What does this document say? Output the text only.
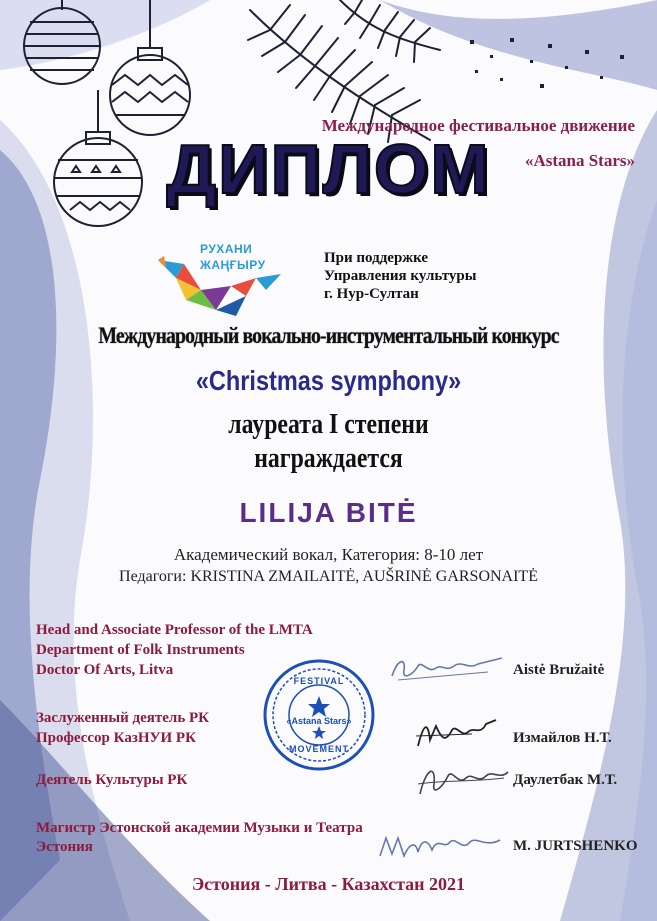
Международное фестивальное движение

«Astana Stars»

ДИПЛОМ
РУХАНИ
ЖАҢҒЫРУ	При поддержке

Управления культуры

г. Нур-Султан

Международный вокально-инструментальный конкурс

«Christmas symphony»

лауреата I степени

награждается

LILIJA BITĖ

Академический вокал, Категория: 8-10 лет

Педагоги: KRISTINA ZMAILAITĖ, AUŠRINĖ GARSONAITĖ

Head and Associate Professor of the LMTA

Department of Folk Instruments

Doctor Of Arts, Litva	Aistė Bružaitė

Заслуженный деятель РК

Профессор КазНУИ РК	Измайлов Н.Т.

Деятель Культуры РК	Даулетбак М.Т.

Магистр Эстонской академии Музыки и Театра

Эстония	M. JURTSHENKO

FESTIVAL
«Astana Stars»
MOVEMENT

Эстония - Литва - Казахстан 2021
